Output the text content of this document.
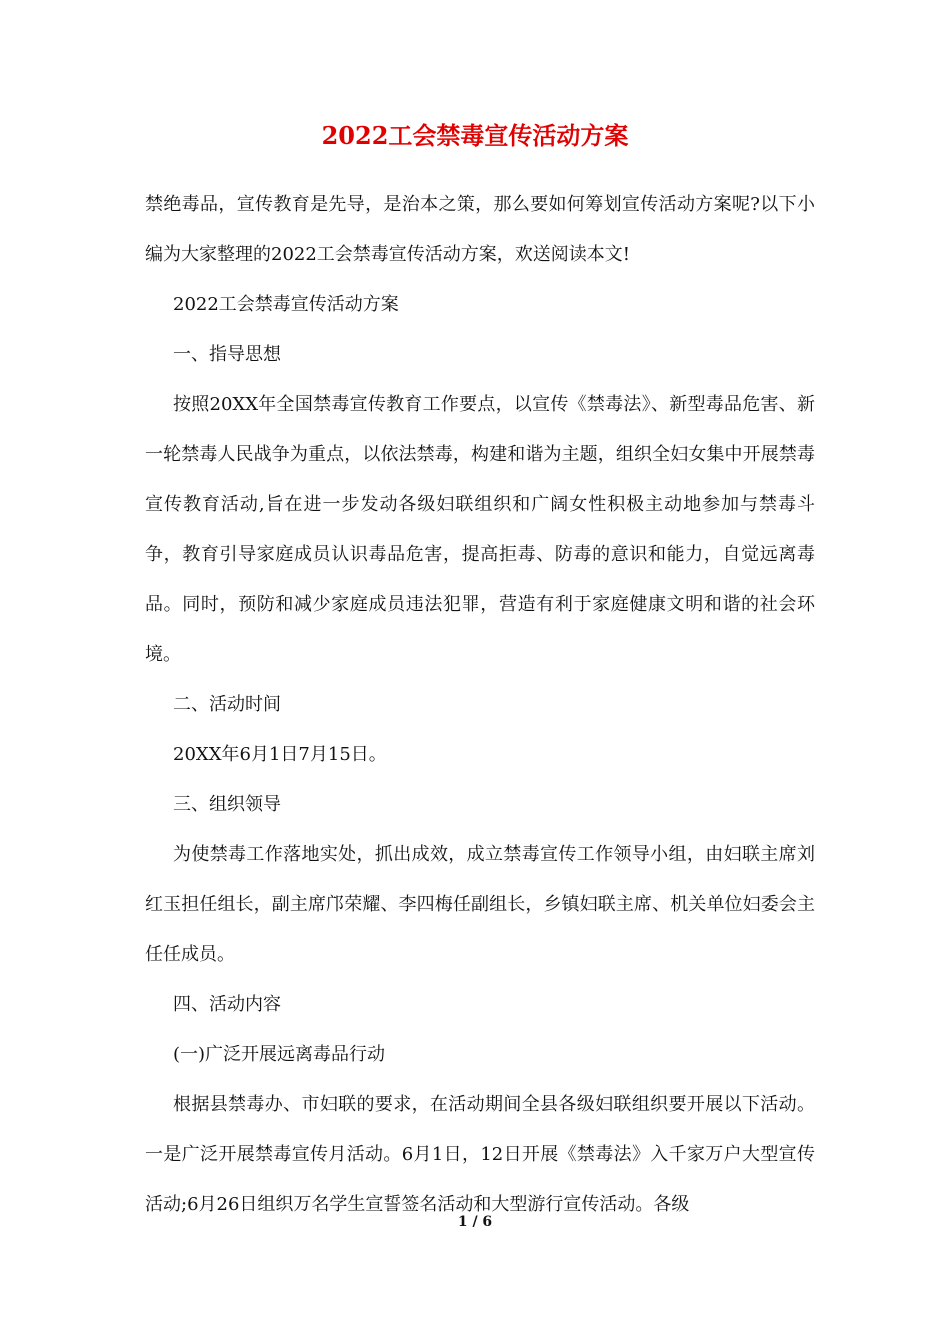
2022工会禁毒宣传活动方案

禁绝毒品，宣传教育是先导，是治本之策，那么要如何筹划宣传活动方案呢?以下小编为大家整理的2022工会禁毒宣传活动方案，欢送阅读本文!

2022工会禁毒宣传活动方案

一、指导思想

按照20XX年全国禁毒宣传教育工作要点，以宣传《禁毒法》、新型毒品危害、新一轮禁毒人民战争为重点，以依法禁毒，构建和谐为主题，组织全妇女集中开展禁毒宣传教育活动,旨在进一步发动各级妇联组织和广阔女性积极主动地参加与禁毒斗争，教育引导家庭成员认识毒品危害，提高拒毒、防毒的意识和能力，自觉远离毒品。同时，预防和减少家庭成员违法犯罪，营造有利于家庭健康文明和谐的社会环境。

二、活动时间

20XX年6月1日7月15日。

三、组织领导

为使禁毒工作落地实处，抓出成效，成立禁毒宣传工作领导小组，由妇联主席刘红玉担任组长，副主席邝荣耀、李四梅任副组长，乡镇妇联主席、机关单位妇委会主任任成员。

四、活动内容

(一)广泛开展远离毒品行动

根据县禁毒办、市妇联的要求，在活动期间全县各级妇联组织要开展以下活动。一是广泛开展禁毒宣传月活动。6月1日，12日开展《禁毒法》入千家万户大型宣传活动;6月26日组织万名学生宣誓签名活动和大型游行宣传活动。各级

1 / 6
